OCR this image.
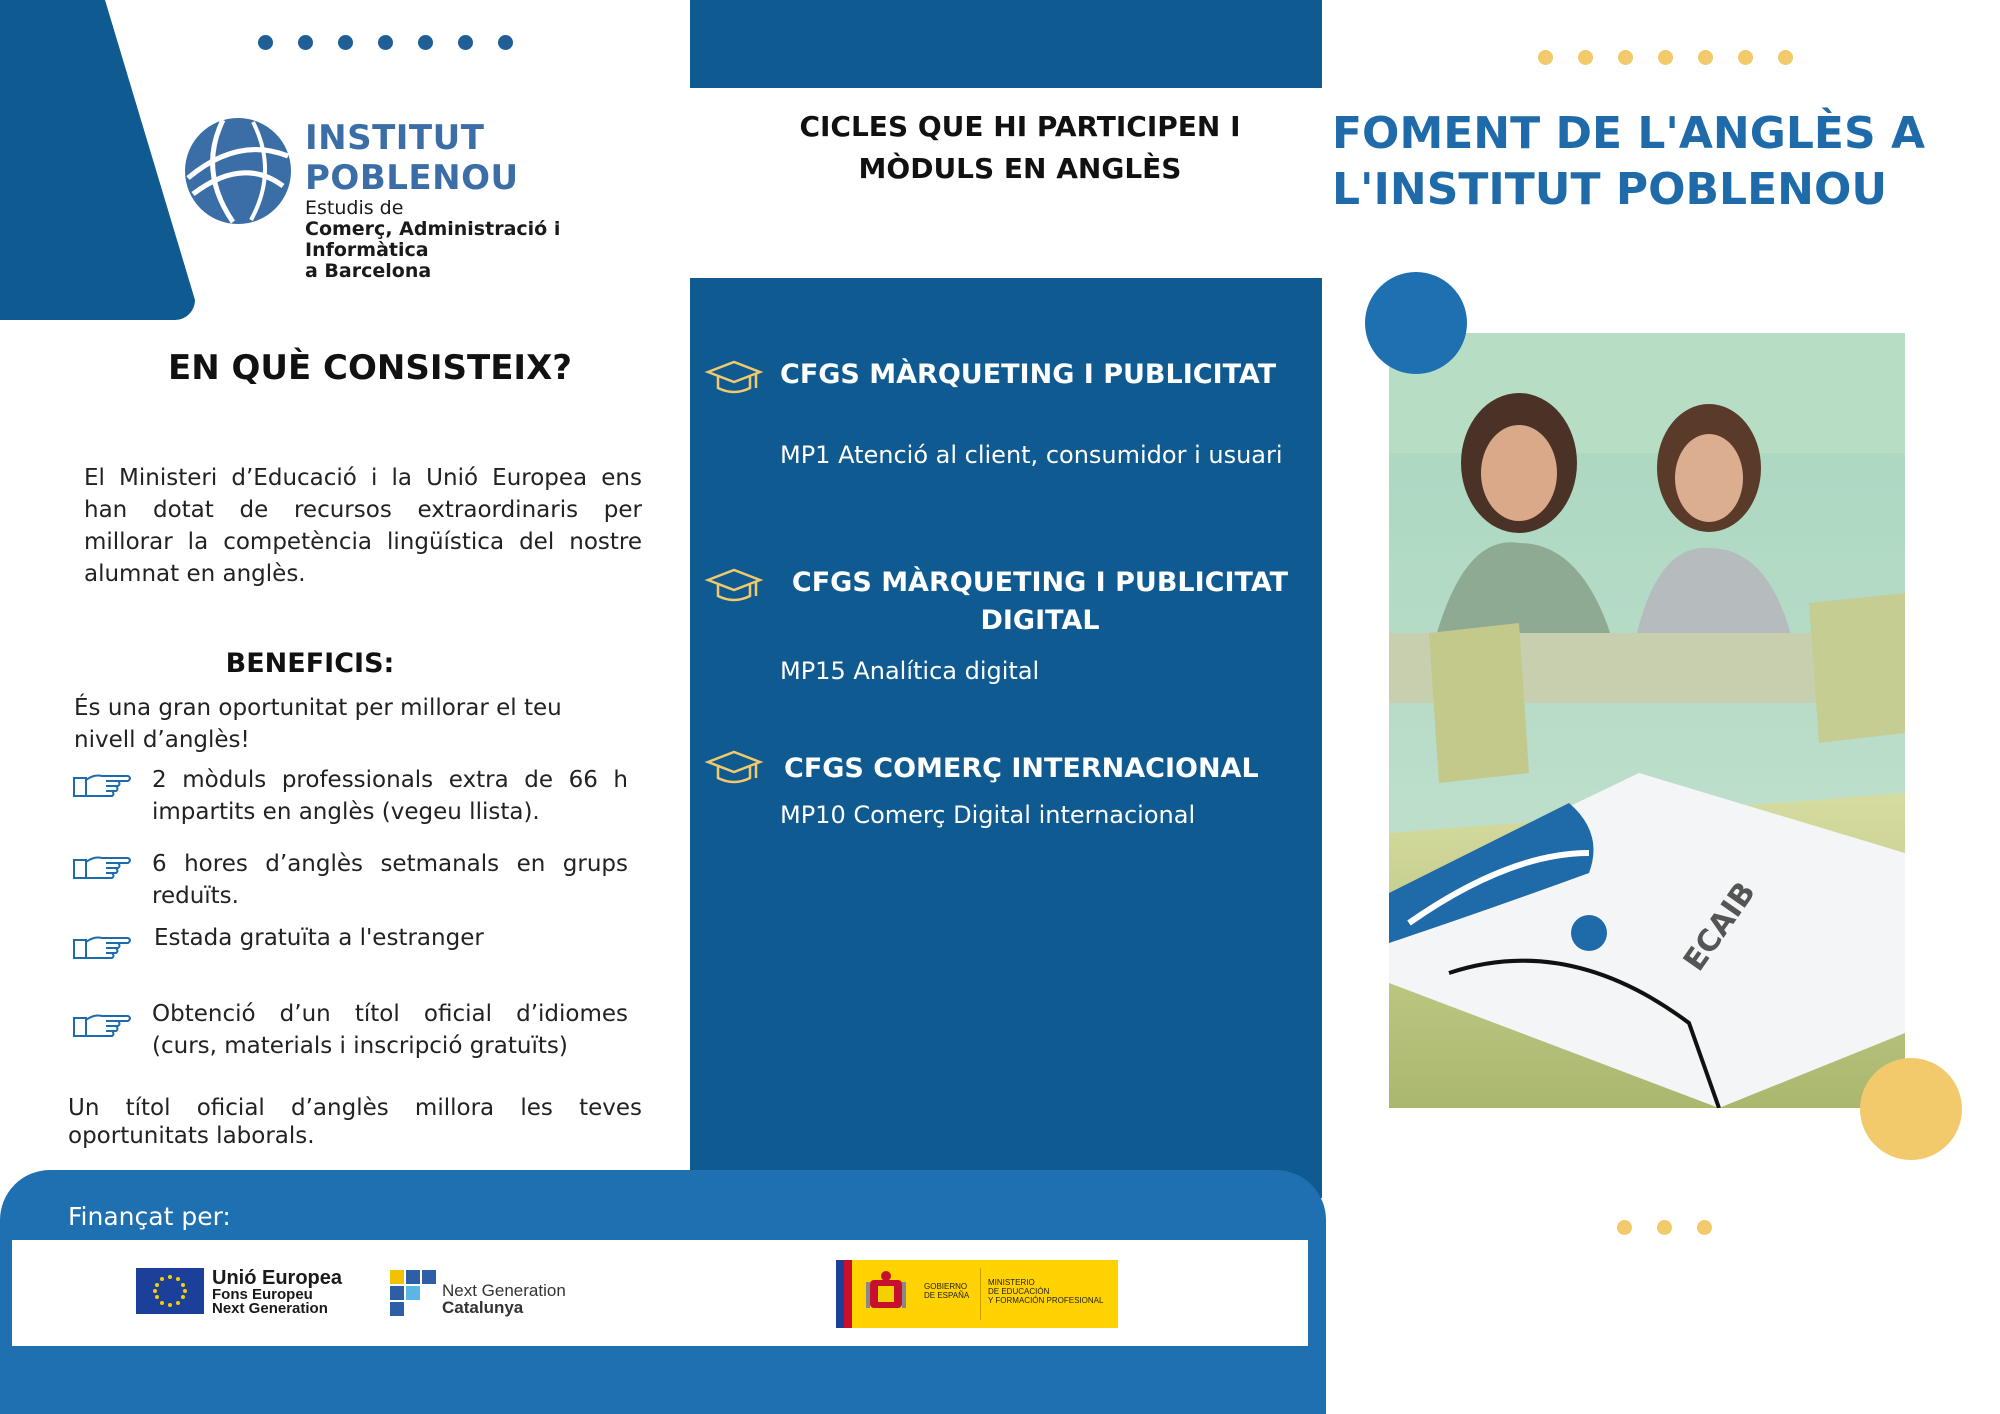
INSTITUT POBLENOU
Estudis de
Comerç, Administració i Informàtica
a Barcelona
EN QUÈ CONSISTEIX?
El Ministeri d’Educació i la Unió Europea ens han dotat de recursos extraordinaris per millorar la competència lingüística del nostre alumnat en anglès.
BENEFICIS:
És una gran oportunitat per millorar el teu nivell d’anglès!
2 mòduls professionals extra de 66 h impartits en anglès (vegeu llista).
6 hores d’anglès setmanals en grups reduïts.
Estada gratuïta a l'estranger
Obtenció d’un títol oficial d’idiomes (curs, materials i inscripció gratuïts)
Un títol oficial d’anglès millora les teves oportunitats laborals.
CICLES QUE HI PARTICIPEN I MÒDULS EN ANGLÈS
CFGS MÀRQUETING I PUBLICITAT
MP1 Atenció al client, consumidor i usuari
CFGS MÀRQUETING I PUBLICITAT DIGITAL
MP15 Analítica digital
CFGS COMERÇ INTERNACIONAL
MP10 Comerç Digital internacional
FOMENT DE L'ANGLÈS A L'INSTITUT POBLENOU
ECAIB
Finançat per:
Unió Europea
Fons Europeu
Next Generation
Next Generation
Catalunya
GOBIERNO
DE ESPAÑA
MINISTERIO
DE EDUCACIÓN
Y FORMACIÓN PROFESIONAL
